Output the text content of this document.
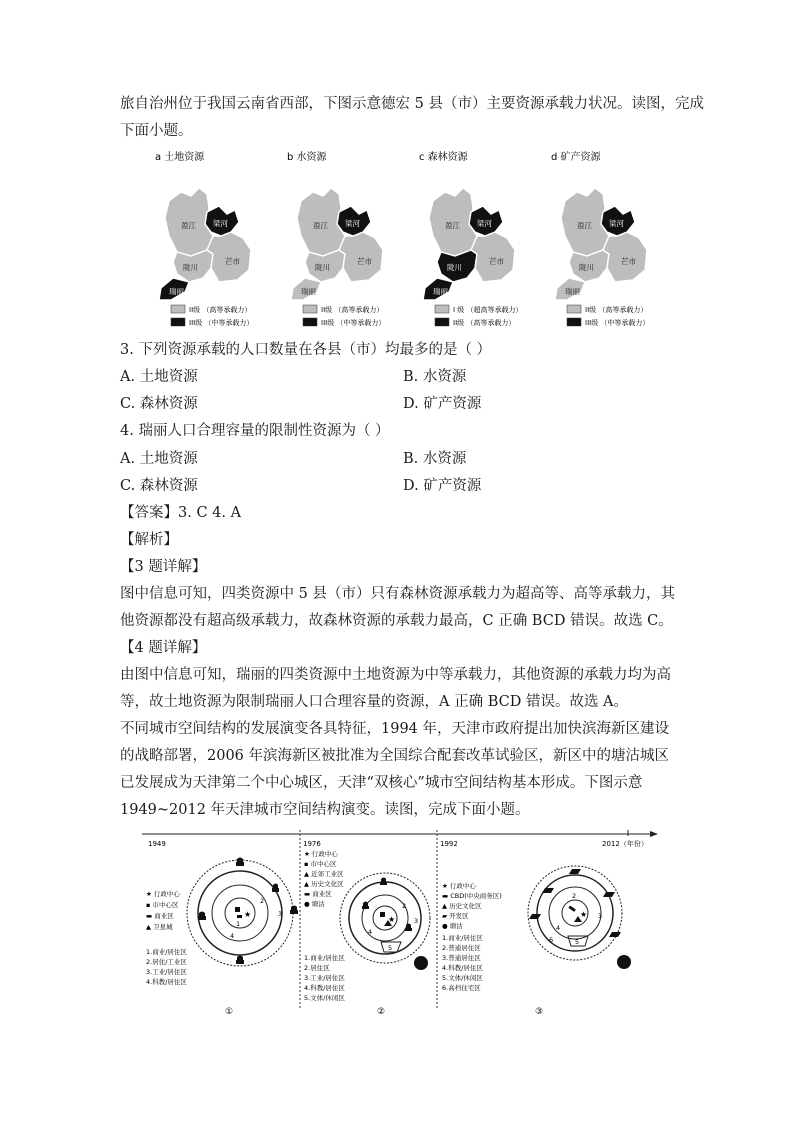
旅自治州位于我国云南省西部，下图示意德宏 5 县（市）主要资源承载力状况。读图，完成
下面小题。
a 土地资源
盈江
陇川
芒市
瑞丽
梁河
II级 （高等承载力）
III级 （中等承载力）
b 水资源
盈江
陇川
芒市
瑞丽
梁河
II级 （高等承载力）
III级 （中等承载力）
c 森林资源
盈江
陇川
芒市
瑞丽
梁河
I 级 （超高等承载力）
II级 （高等承载力）
d 矿产资源
盈江
陇川
芒市
瑞丽
梁河
II级 （高等承载力）
III级 （中等承载力）
3. 下列资源承载的人口数量在各县（市）均最多的是（ ）
A. 土地资源	B. 水资源
C. 森林资源	D. 矿产资源
4. 瑞丽人口合理容量的限制性资源为（ ）
A. 土地资源	B. 水资源
C. 森林资源	D. 矿产资源
【答案】3. C 4. A
【解析】
【3 题详解】
图中信息可知，四类资源中 5 县（市）只有森林资源承载力为超高等、高等承载力，其他资源都没有超高级承载力，故森林资源的承载力最高，C 正确 BCD 错误。故选 C。
【4 题详解】
由图中信息可知，瑞丽的四类资源中土地资源为中等承载力，其他资源的承载力均为高等，故土地资源为限制瑞丽人口合理容量的资源，A 正确 BCD 错误。故选 A。
不同城市空间结构的发展演变各具特征，1994 年，天津市政府提出加快滨海新区建设的战略部署，2006 年滨海新区被批准为全国综合配套改革试验区，新区中的塘沽城区已发展成为天津第二个中心城区，天津“双核心”城市空间结构基本形成。下图示意 1949~2012 年天津城市空间结构演变。读图，完成下面小题。
1949	1976	1992	2012（年份）
★ 行政中心
▪ 市中心区
▬ 商业区
▲ 卫星城
1.商业/居住区
2.居住/工业区
3.工业/居住区
4.科教/居住区
★
1
2
3
4
①
★ 行政中心
▪ 市中心区
▲ 近郊工业区
▲ 历史文化区
▬ 商业区
● 塘沽
1.商业/居住区
2.居住区
3.工业/居住区
4.科教/居住区
5.文体/休闲区
★
2
3
4
5
②
★ 行政中心
▬ CBD(中央商务区)
▲ 历史文化区
▰ 开发区
● 塘沽
1.商业/居住区
2.普通居住区
3.普通居住区
4.科教/居住区
5.文体/休闲区
6.高档住宅区
★
2
3
4
6	5
③
